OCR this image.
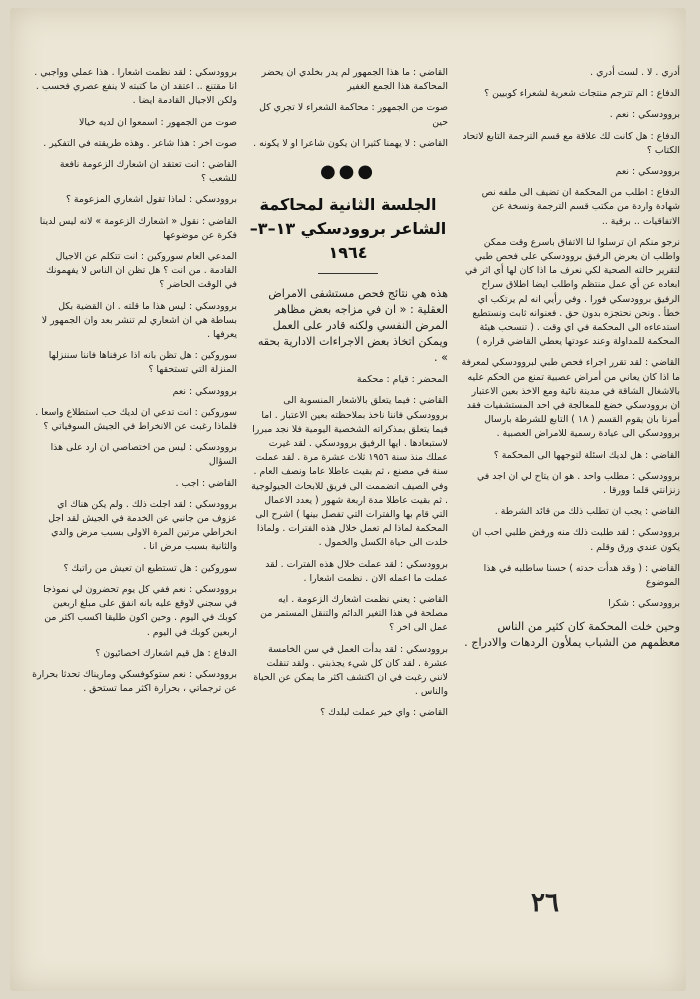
أدري . لا . لست أدري .

الدفاع : الم تترجم منتجات شعرية لشعراء كوبيين ؟

بروودسكي : نعم .

الدفاع : هل كانت لك علاقة مع قسم الترجمة التابع لاتحاد الكتاب ؟

بروودسكي : نعم

الدفاع : اطلب من المحكمة ان تضيف الى ملفه نص شهادة واردة من مكتب قسم الترجمة ونسخة عن الاتفاقيات .. برقية ..

نرجو منكم ان ترسلوا لنا الاتفاق باسرع وقت ممكن واطلب ان يعرض الرفيق بروودسكي على فحص طبي لتقرير حالته الصحية لكي نعرف ما اذا كان لها أي اثر في ابعاده عن أي عمل منتظم واطلب ايضا اطلاق سراح الرفيق بروودسكي فورا . وفي رأيي انه لم يرتكب اي خطأ . ونحن نحتجزه بدون حق . فعنوانه ثابت ونستطيع استدعاءه الى المحكمة في اي وقت . ( تنسحب هيئة المحكمة للمداولة وعند عودتها يعطي القاضي قراره )

القاضي : لقد تقرر اجراء فحص طبي لبروودسكي لمعرفة ما اذا كان يعاني من أمراض عصبية تمنع من الحكم عليه بالاشغال الشاقة في مدينة نائية ومع الاخذ بعين الاعتبار ان بروودسكي خضع للمعالجة في احد المستشفيات فقد أمرنا بان يقوم القسم ( ١٨ ) التابع للشرطة بارسال بروودسكي الى عيادة رسمية للامراض العصبية .

القاضي : هل لديك اسئلة لتوجهها الى المحكمة ؟

بروودسكي : مطلب واحد . هو ان يتاح لي ان اجد في زنزانتي قلما وورقا .

القاضي : يجب ان تطلب ذلك من قائد الشرطة .

بروودسكي : لقد طلبت ذلك منه ورفض طلبي احب ان يكون عندي ورق وقلم .

القاضي : ( وقد هدأت حدته ) حسنا ساطلبه في هذا الموضوع

بروودسكي : شكرا

وحين خلت المحكمة كان كثير من الناس معظمهم من الشباب يملأون الردهات والادراج .

القاضي : ما هذا الجمهور لم يدر بخلدي ان يحضر المحاكمة هذا الجمع الغفير

صوت من الجمهور : محاكمة الشعراء لا تجري كل حين

القاضي : لا يهمنا كثيرا ان يكون شاعرا او لا يكونه .

●●●
الجلسة الثانية لمحاكمة الشاعر بروودسكي ١٣–٣–١٩٦٤

هذه هي نتائج فحص مستشفى الامراض العقلية : « ان في مزاجه بعض مظاهر المرض النفسي ولكنه قادر على العمل ويمكن اتخاذ بعض الاجراءات الادارية بحقه » .

المحضر : قيام : محكمة

القاضي : فيما يتعلق بالاشعار المنسوبة الى بروودسكي فاننا ناخذ بملاحظته بعين الاعتبار . اما فيما يتعلق بمذكراته الشخصية اليومية فلا نجد مبررا لاستبعادها . ايها الرفيق بروودسكي . لقد غيرت عملك منذ سنة ١٩٥٦ ثلاث عشرة مرة . لقد عملت سنة في مصنع ، ثم بقيت عاطلا عاما ونصف العام . وفي الصيف انضممت الى فريق للابحاث الجيولوجية . ثم بقيت عاطلا مدة اربعة شهور ( يعدد الاعمال التي قام بها والفترات التي تفصل بينها ) اشرح الى المحكمة لماذا لم تعمل خلال هذه الفترات . ولماذا خلدت الى حياة الكسل والخمول .

بروودسكي : لقد عملت خلال هذه الفترات . لقد عملت ما اعمله الان . نظمت اشعارا .

القاضي : يعني نظمت اشعارك الزعومة . ايه مصلحة في هذا التغير الدائم والتنقل المستمر من عمل الى اخر ؟

بروودسكي : لقد بدأت العمل في سن الخامسة عشرة . لقد كان كل شيء يجذبني . ولقد تنقلت لانني رغبت في ان اكتشف اكثر ما يمكن عن الحياة والناس .

القاضي : واي خير عملت لبلدك ؟

بروودسكي : لقد نظمت اشعارا . هذا عملي وواجبي . انا مقتنع .. اعتقد ان ما كتبته لا ينفع عصري فحسب . ولكن الاجيال القادمة ايضا .

صوت من الجمهور : اسمعوا ان لديه خيالا

صوت اخر : هذا شاعر . وهذه طريقته في التفكير .

القاضي : انت تعتقد ان اشعارك الزعومة نافعة للشعب ؟

بروودسكي : لماذا تقول اشعاري المزعومة ؟

القاضي : نقول « اشعارك الزعومة » لانه ليس لدينا فكرة عن موضوعها

المدعي العام سوروكين : انت تتكلم عن الاجيال القادمة . من انت ؟ هل تظن ان الناس لا يفهمونك في الوقت الحاضر ؟

بروودسكي : ليس هذا ما قلته . ان القضية بكل بساطة هي ان اشعاري لم تنشر بعد وان الجمهور لا يعرفها .

سوروكين : هل تظن بانه اذا عرفناها فاننا سننزلها المنزلة التي تستحقها ؟

بروودسكي : نعم

سوروكين : انت تدعي ان لديك حب استطلاع واسعا . فلماذا رغبت عن الانخراط في الجيش السوفياتي ؟

بروودسكي : ليس من اختصاصي ان ارد على هذا السؤال

القاضي : اجب .

بروودسكي : لقد اجلت ذلك . ولم يكن هناك اي عزوف من جانبي عن الخدمة في الجيش لقد اجل انخراطي مرتين المرة الاولى بسبب مرض والدي والثانية بسبب مرض انا .

سوروكين : هل تستطيع ان تعيش من راتبك ؟

بروودسكي : نعم ففي كل يوم تحضرون لي نموذجا في سجني لاوقع عليه بانه انفق على مبلغ اربعين كوبك في اليوم . وحين اكون طليقا اكسب اكثر من اربعين كوبك في اليوم .

الدفاع : هل قيم اشعارك اخصائيون ؟

بروودسكي : نعم ستوكوفسكي وماريناك تحدثا بحرارة عن ترجماتي ، بحرارة اكثر مما تستحق .

٢٦
